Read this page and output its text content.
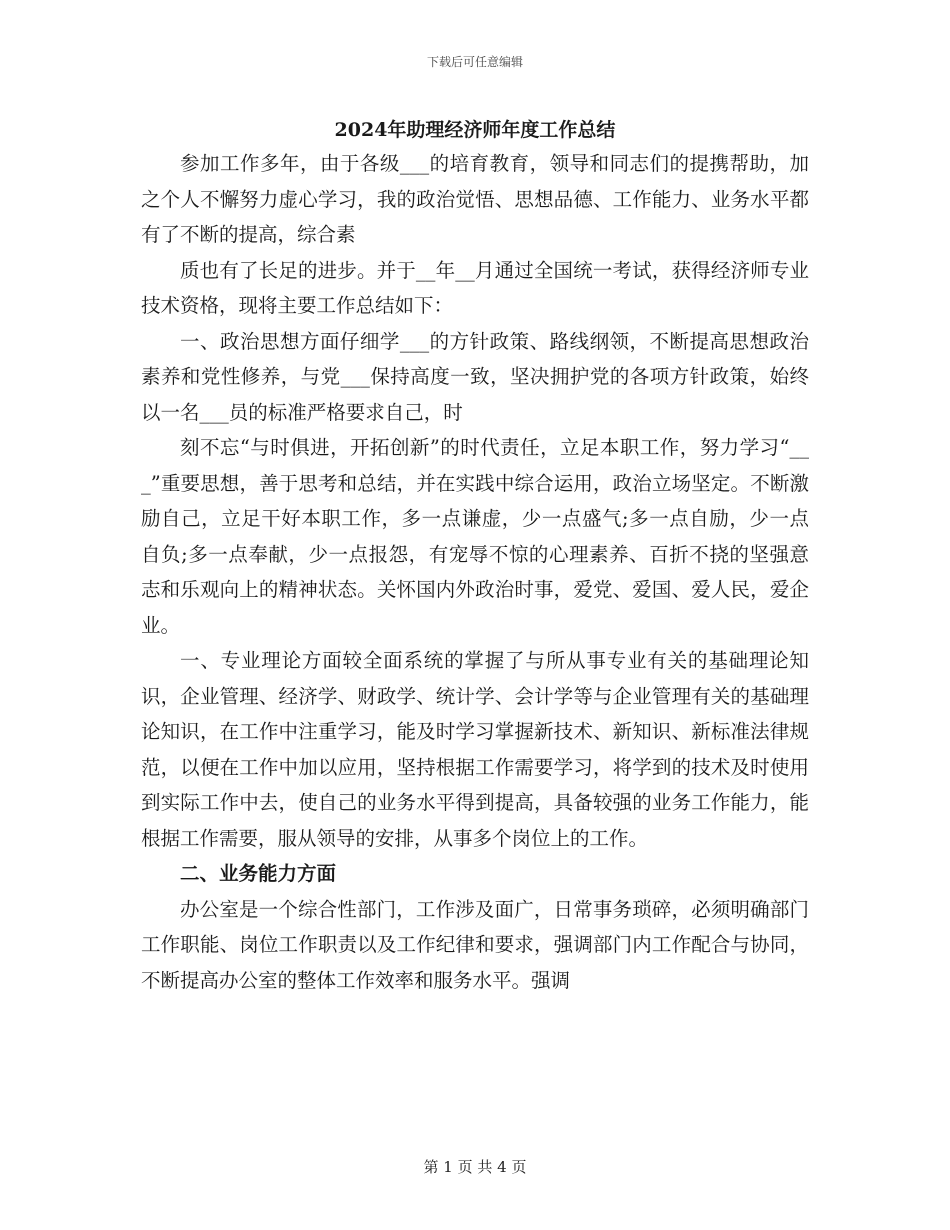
下载后可任意编辑
2024年助理经济师年度工作总结

参加工作多年，由于各级___的培育教育，领导和同志们的提携帮助，加之个人不懈努力虚心学习，我的政治觉悟、思想品德、工作能力、业务水平都有了不断的提高，综合素

质也有了长足的进步。并于__年__月通过全国统一考试，获得经济师专业技术资格，现将主要工作总结如下：

一、政治思想方面仔细学___的方针政策、路线纲领，不断提高思想政治素养和党性修养，与党___保持高度一致，坚决拥护党的各项方针政策，始终以一名___员的标准严格要求自己，时

刻不忘“与时俱进，开拓创新”的时代责任，立足本职工作，努力学习“___”重要思想，善于思考和总结，并在实践中综合运用，政治立场坚定。不断激励自己，立足干好本职工作，多一点谦虚，少一点盛气;多一点自励，少一点自负;多一点奉献，少一点报怨，有宠辱不惊的心理素养、百折不挠的坚强意志和乐观向上的精神状态。关怀国内外政治时事，爱党、爱国、爱人民，爱企业。

一、专业理论方面较全面系统的掌握了与所从事专业有关的基础理论知识，企业管理、经济学、财政学、统计学、会计学等与企业管理有关的基础理论知识，在工作中注重学习，能及时学习掌握新技术、新知识、新标准法律规范，以便在工作中加以应用，坚持根据工作需要学习，将学到的技术及时使用到实际工作中去，使自己的业务水平得到提高，具备较强的业务工作能力，能根据工作需要，服从领导的安排，从事多个岗位上的工作。

二、业务能力方面

办公室是一个综合性部门，工作涉及面广，日常事务琐碎，必须明确部门工作职能、岗位工作职责以及工作纪律和要求，强调部门内工作配合与协同，不断提高办公室的整体工作效率和服务水平。强调

第 1 页 共 4 页
